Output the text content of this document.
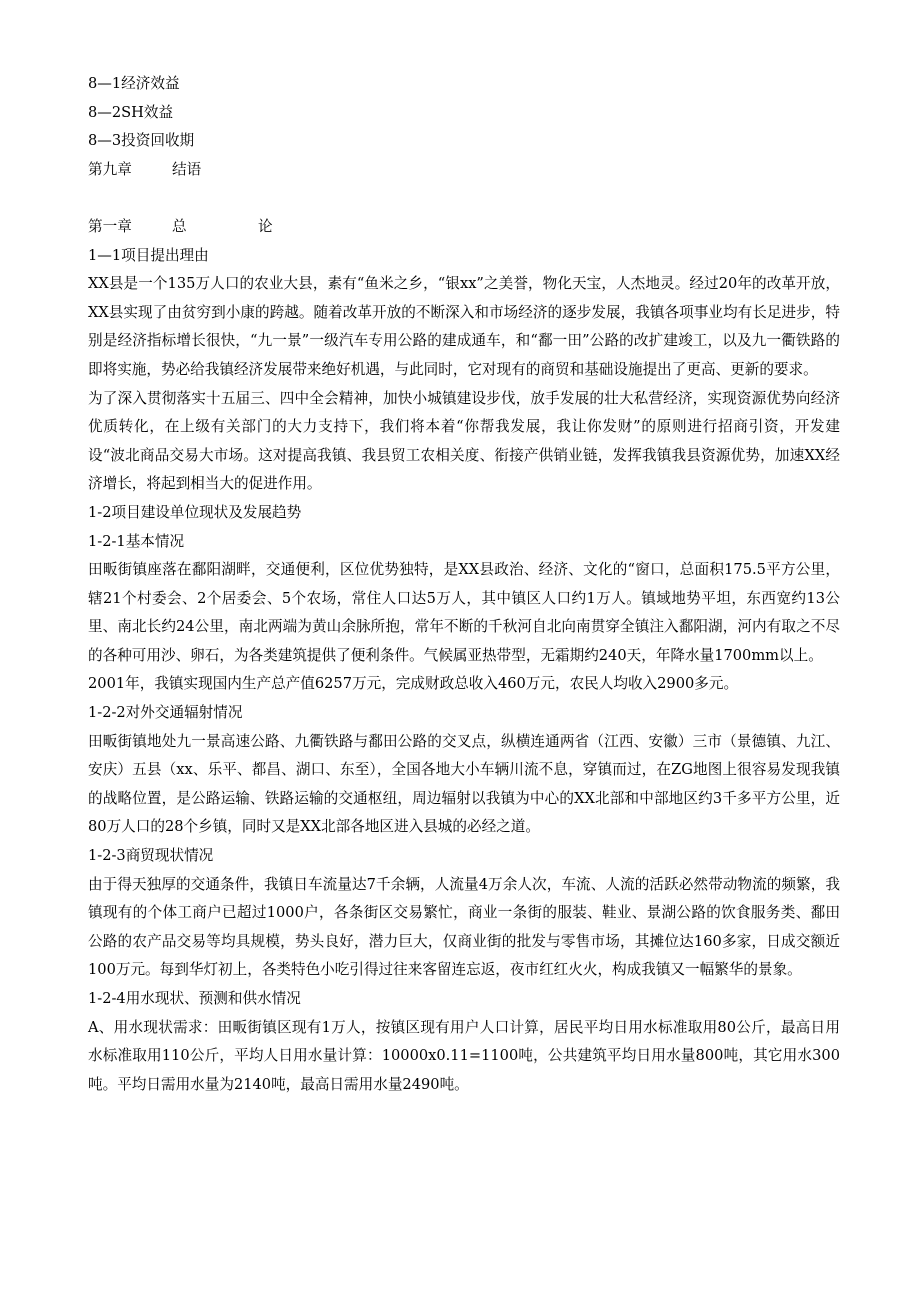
8—1经济效益
8—2SH效益
8—3投资回收期
第九章	结语
第一章	总	论
1—1项目提出理由
XX县是一个135万人口的农业大县，素有“鱼米之乡，“银xx”之美誉，物化天宝，人杰地灵。经过20年的改革开放，XX县实现了由贫穷到小康的跨越。随着改革开放的不断深入和市场经济的逐步发展，我镇各项事业均有长足进步，特别是经济指标增长很快，“九一景”一级汽车专用公路的建成通车，和“鄱一田”公路的改扩建竣工，以及九一衢铁路的即将实施，势必给我镇经济发展带来绝好机遇，与此同时，它对现有的商贸和基础设施提出了更高、更新的要求。
为了深入贯彻落实十五届三、四中全会精神，加快小城镇建设步伐，放手发展的壮大私营经济，实现资源优势向经济优质转化，在上级有关部门的大力支持下，我们将本着“你帮我发展，我让你发财”的原则进行招商引资，开发建设“波北商品交易大市场。这对提高我镇、我县贸工农相关度、衔接产供销业链，发挥我镇我县资源优势，加速XX经济增长，将起到相当大的促进作用。
1-2项目建设单位现状及发展趋势
1-2-1基本情况
田畈街镇座落在鄱阳湖畔，交通便利，区位优势独特，是XX县政治、经济、文化的“窗口，总面积175.5平方公里，辖21个村委会、2个居委会、5个农场，常住人口达5万人，其中镇区人口约1万人。镇域地势平坦，东西宽约13公里、南北长约24公里，南北两端为黄山余脉所抱，常年不断的千秋河自北向南贯穿全镇注入鄱阳湖，河内有取之不尽的各种可用沙、卵石，为各类建筑提供了便利条件。气候属亚热带型，无霜期约240天，年降水量1700mm以上。
2001年，我镇实现国内生产总产值6257万元，完成财政总收入460万元，农民人均收入2900多元。
1-2-2对外交通辐射情况
田畈街镇地处九一景高速公路、九衢铁路与鄱田公路的交叉点，纵横连通两省（江西、安徽）三市（景德镇、九江、安庆）五县（xx、乐平、都昌、湖口、东至），全国各地大小车辆川流不息，穿镇而过，在ZG地图上很容易发现我镇的战略位置，是公路运输、铁路运输的交通枢纽，周边辐射以我镇为中心的XX北部和中部地区约3千多平方公里，近80万人口的28个乡镇，同时又是XX北部各地区进入县城的必经之道。
1-2-3商贸现状情况
由于得天独厚的交通条件，我镇日车流量达7千余辆，人流量4万余人次，车流、人流的活跃必然带动物流的频繁，我镇现有的个体工商户已超过1000户，各条街区交易繁忙，商业一条街的服装、鞋业、景湖公路的饮食服务类、鄱田公路的农产品交易等均具规模，势头良好，潜力巨大，仅商业街的批发与零售市场，其摊位达160多家，日成交额近100万元。每到华灯初上，各类特色小吃引得过往来客留连忘返，夜市红红火火，构成我镇又一幅繁华的景象。
1-2-4用水现状、预测和供水情况
A、用水现状需求：田畈街镇区现有1万人，按镇区现有用户人口计算，居民平均日用水标准取用80公斤，最高日用水标准取用110公斤，平均人日用水量计算：10000x0.11=1100吨，公共建筑平均日用水量800吨，其它用水300吨。平均日需用水量为2140吨，最高日需用水量2490吨。
